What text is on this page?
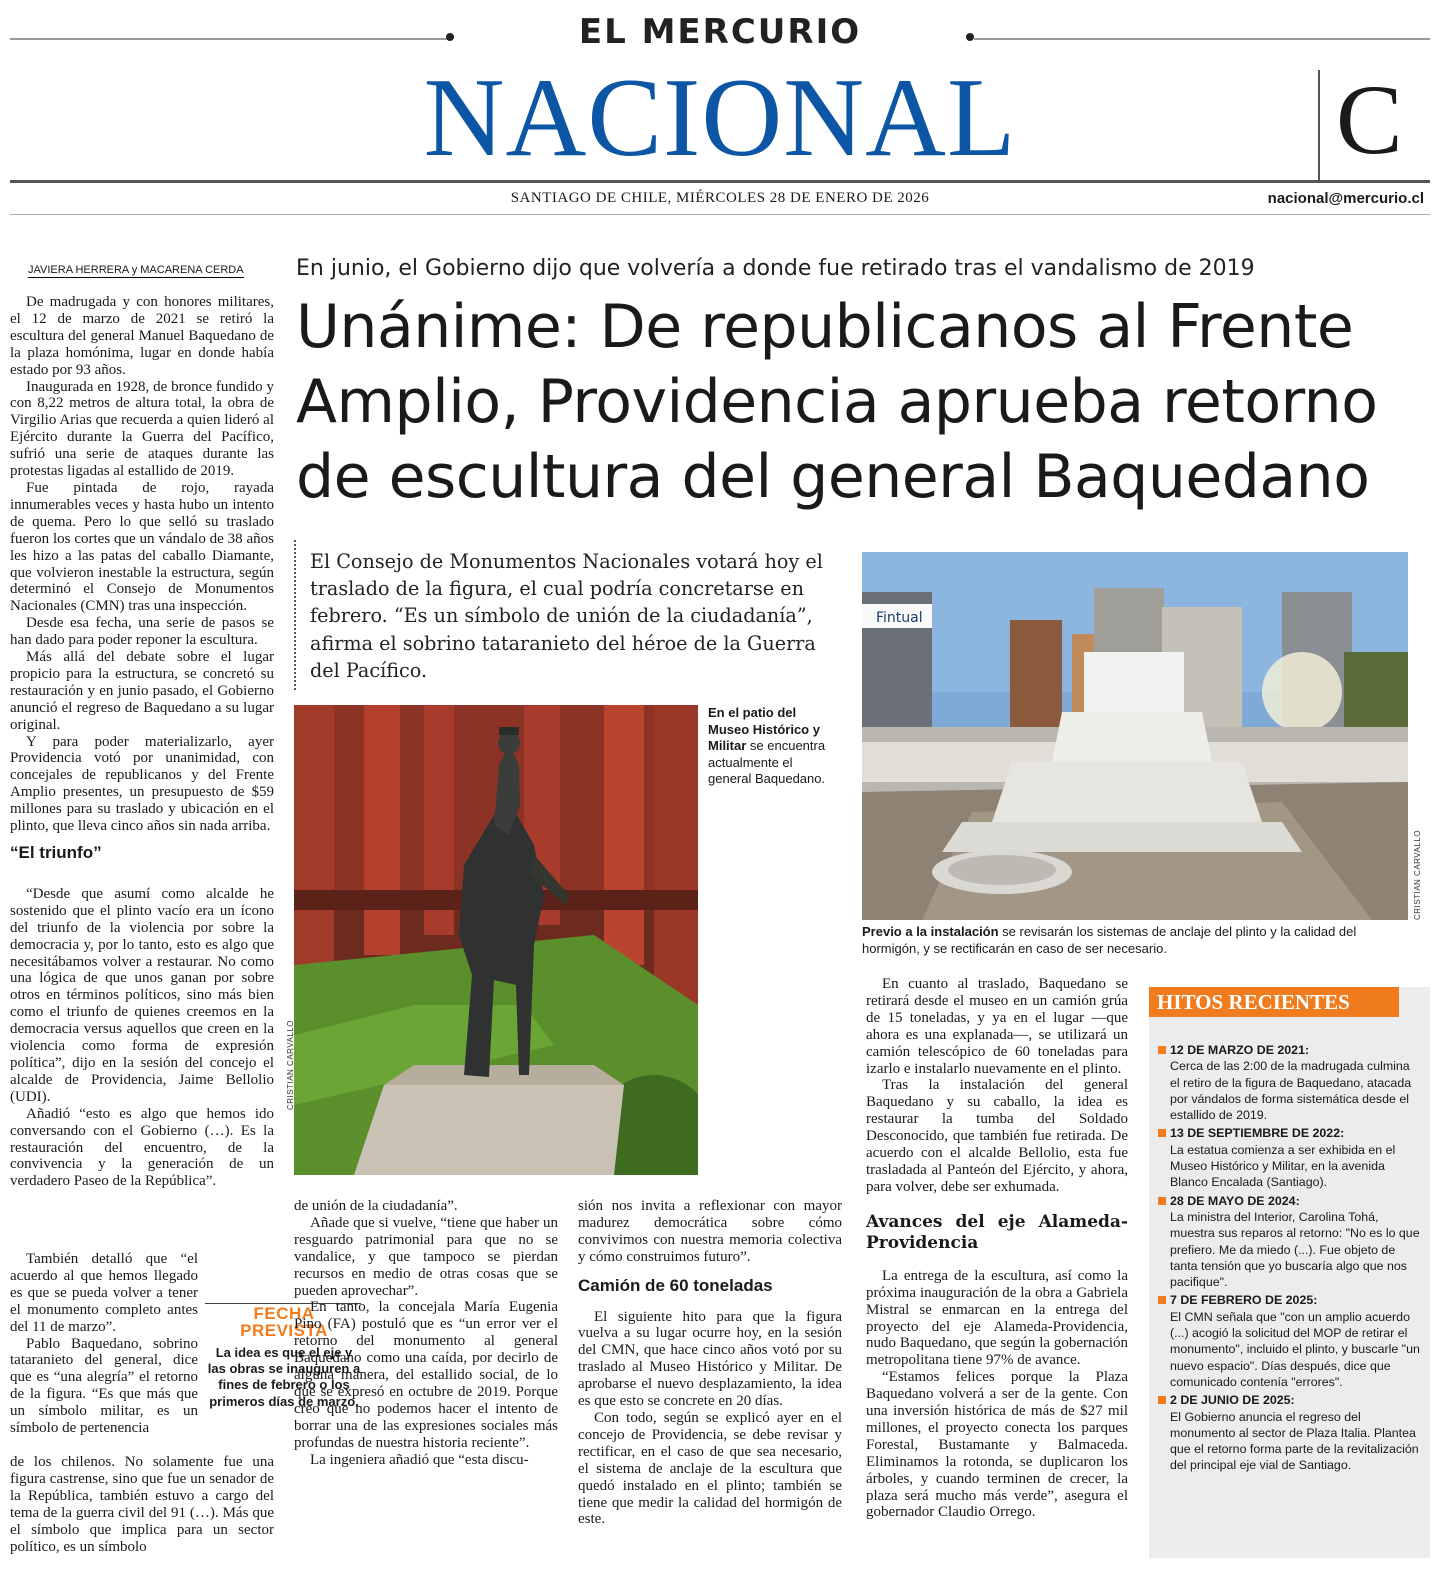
EL MERCURIO
NACIONAL	C
SANTIAGO DE CHILE, MIÉRCOLES 28 DE ENERO DE 2026	nacional@mercurio.cl
JAVIERA HERRERA y MACARENA CERDA En junio, el Gobierno dijo que volvería a donde fue retirado tras el vandalismo de 2019
Unánime: De republicanos al Frente Amplio, Providencia aprueba retorno de escultura del general Baquedano
El Consejo de Monumentos Nacionales votará hoy el traslado de la figura, el cual podría concretarse en febrero. “Es un símbolo de unión de la ciudadanía”, afirma el sobrino tataranieto del héroe de la Guerra del Pacífico.

De madrugada y con honores militares, el 12 de marzo de 2021 se retiró la escultura del general Manuel Baquedano de la plaza homónima, lugar en donde había estado por 93 años.

Inaugurada en 1928, de bronce fundido y con 8,22 metros de altura total, la obra de Virgilio Arias que recuerda a quien lideró al Ejército durante la Guerra del Pacífico, sufrió una serie de ataques durante las protestas ligadas al estallido de 2019.

Fue pintada de rojo, rayada innumerables veces y hasta hubo un intento de quema. Pero lo que selló su traslado fueron los cortes que un vándalo de 38 años les hizo a las patas del caballo Diamante, que volvieron inestable la estructura, según determinó el Consejo de Monumentos Nacionales (CMN) tras una inspección.

Desde esa fecha, una serie de pasos se han dado para poder reponer la escultura.

Más allá del debate sobre el lugar propicio para la estructura, se concretó su restauración y en junio pasado, el Gobierno anunció el regreso de Baquedano a su lugar original.

Y para poder materializarlo, ayer Providencia votó por unanimidad, con concejales de republicanos y del Frente Amplio presentes, un presupuesto de $59 millones para su traslado y ubicación en el plinto, que lleva cinco años sin nada arriba.

“El triunfo”

“Desde que asumí como alcalde he sostenido que el plinto vacío era un ícono del triunfo de la violencia por sobre la democracia y, por lo tanto, esto es algo que necesitábamos volver a restaurar. No como una lógica de que unos ganan por sobre otros en términos políticos, sino más bien como el triunfo de quienes creemos en la democracia versus aquellos que creen en la violencia como forma de expresión política”, dijo en la sesión del concejo el alcalde de Providencia, Jaime Bellolio (UDI).

Añadió “esto es algo que hemos ido conversando con el Gobierno (…). Es la restauración del encuentro, de la convivencia y la generación de un verdadero Paseo de la República”.

También detalló que “el acuerdo al que hemos llegado es que se pueda volver a tener el monumento completo antes del 11 de marzo”.

Pablo Baquedano, sobrino tataranieto del general, dice que es “una alegría” el retorno de la figura. “Es que más que un símbolo militar, es un símbolo de pertenencia

de los chilenos. No solamente fue una figura castrense, sino que fue un senador de la República, también estuvo a cargo del tema de la guerra civil del 91 (…). Más que el símbolo que implica para un sector político, es un símbolo

FECHA
PREVISTA
La idea es que el eje y las obras se inauguren a fines de febrero o los primeros días de marzo.
CRISTIAN CARVALLO
En el patio del Museo Histórico y Militar se encuentra actualmente el general Baquedano.

de unión de la ciudadanía”.

Añade que si vuelve, “tiene que haber un resguardo patrimonial para que no se vandalice, y que tampoco se pierdan recursos en medio de otras cosas que se pueden aprovechar”.

En tanto, la concejala María Eugenia Pino (FA) postuló que es “un error ver el retorno del monumento al general Baquedano como una caída, por decirlo de alguna manera, del estallido social, de lo que se expresó en octubre de 2019. Porque creo que no podemos hacer el intento de borrar una de las expresiones sociales más profundas de nuestra historia reciente”.

La ingeniera añadió que “esta discu-

sión nos invita a reflexionar con mayor madurez democrática sobre cómo convivimos con nuestra memoria colectiva y cómo construimos futuro”.

Camión de 60 toneladas

El siguiente hito para que la figura vuelva a su lugar ocurre hoy, en la sesión del CMN, que hace cinco años votó por su traslado al Museo Histórico y Militar. De aprobarse el nuevo desplazamiento, la idea es que esto se concrete en 20 días.

Con todo, según se explicó ayer en el concejo de Providencia, se debe revisar y rectificar, en el caso de que sea necesario, el sistema de anclaje de la escultura que quedó instalado en el plinto; también se tiene que medir la calidad del hormigón de este.

Fintual
CRISTIAN CARVALLO
Previo a la instalación se revisarán los sistemas de anclaje del plinto y la calidad del hormigón, y se rectificarán en caso de ser necesario.

En cuanto al traslado, Baquedano se retirará desde el museo en un camión grúa de 15 toneladas, y ya en el lugar —que ahora es una explanada—, se utilizará un camión telescópico de 60 toneladas para izarlo e instalarlo nuevamente en el plinto.

Tras la instalación del general Baquedano y su caballo, la idea es restaurar la tumba del Soldado Desconocido, que también fue retirada. De acuerdo con el alcalde Bellolio, esta fue trasladada al Panteón del Ejército, y ahora, para volver, debe ser exhumada.

Avances del eje Alameda-Providencia

La entrega de la escultura, así como la próxima inauguración de la obra a Gabriela Mistral se enmarcan en la entrega del proyecto del eje Alameda-Providencia, nudo Baquedano, que según la gobernación metropolitana tiene 97% de avance.

“Estamos felices porque la Plaza Baquedano volverá a ser de la gente. Con una inversión histórica de más de $27 mil millones, el proyecto conecta los parques Forestal, Bustamante y Balmaceda. Eliminamos la rotonda, se duplicaron los árboles, y cuando terminen de crecer, la plaza será mucho más verde”, asegura el gobernador Claudio Orrego.

HITOS RECIENTES
12 DE MARZO DE 2021:
Cerca de las 2:00 de la madrugada culmina el retiro de la figura de Baquedano, atacada por vándalos de forma sistemática desde el estallido de 2019.
13 DE SEPTIEMBRE DE 2022:
La estatua comienza a ser exhibida en el Museo Histórico y Militar, en la avenida Blanco Encalada (Santiago).
28 DE MAYO DE 2024:
La ministra del Interior, Carolina Tohá, muestra sus reparos al retorno: "No es lo que prefiero. Me da miedo (...). Fue objeto de tanta tensión que yo buscaría algo que nos pacifique".
7 DE FEBRERO DE 2025:
El CMN señala que "con un amplio acuerdo (...) acogió la solicitud del MOP de retirar el monumento", incluido el plinto, y buscarle "un nuevo espacio". Días después, dice que comunicado contenía "errores".
2 DE JUNIO DE 2025:
El Gobierno anuncia el regreso del monumento al sector de Plaza Italia. Plantea que el retorno forma parte de la revitalización del principal eje vial de Santiago.
